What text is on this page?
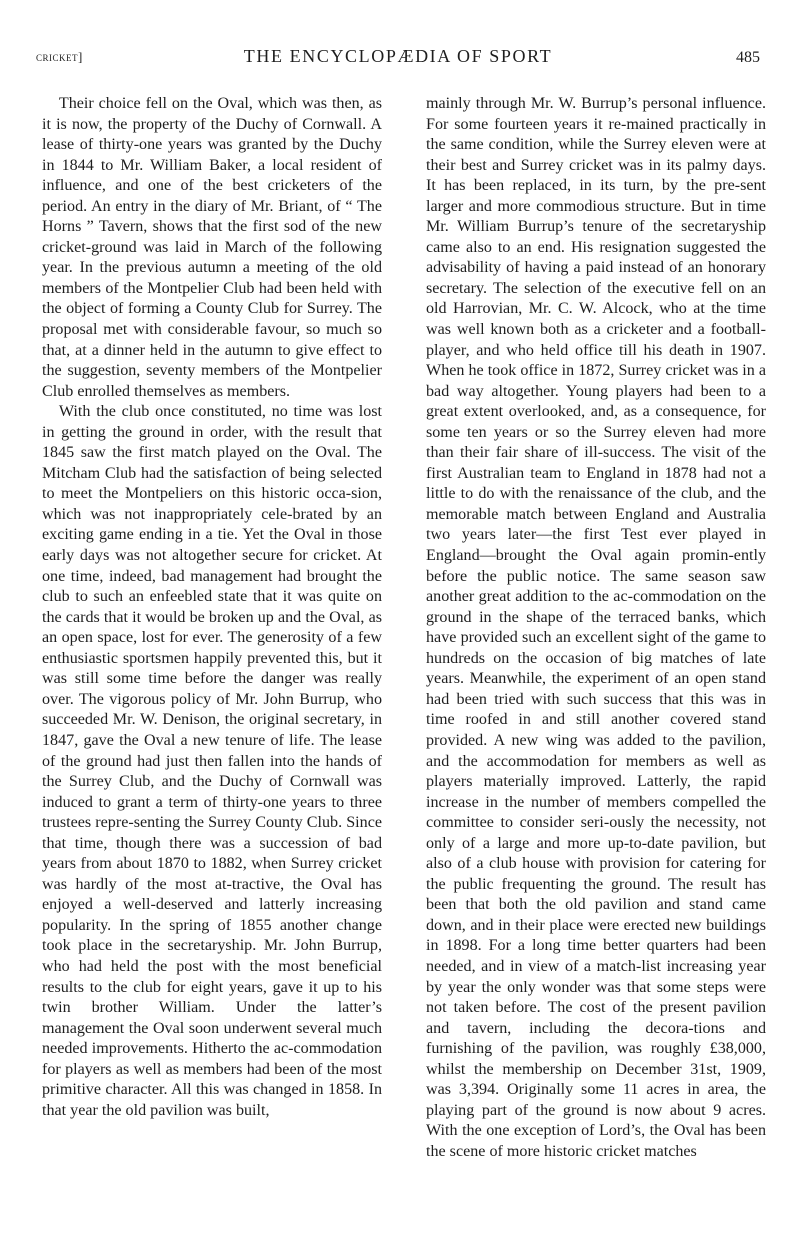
cricket]	THE ENCYCLOPÆDIA OF SPORT	485

Their choice fell on the Oval, which was then, as it is now, the property of the Duchy of Cornwall. A lease of thirty-one years was granted by the Duchy in 1844 to Mr. William Baker, a local resident of influence, and one of the best cricketers of the period. An entry in the diary of Mr. Briant, of “ The Horns ” Tavern, shows that the first sod of the new cricket-ground was laid in March of the following year. In the previous autumn a meeting of the old members of the Montpelier Club had been held with the object of forming a County Club for Surrey. The proposal met with considerable favour, so much so that, at a dinner held in the autumn to give effect to the suggestion, seventy members of the Montpelier Club enrolled themselves as members.

With the club once constituted, no time was lost in getting the ground in order, with the result that 1845 saw the first match played on the Oval. The Mitcham Club had the satisfaction of being selected to meet the Montpeliers on this historic occa-sion, which was not inappropriately cele-brated by an exciting game ending in a tie. Yet the Oval in those early days was not altogether secure for cricket. At one time, indeed, bad management had brought the club to such an enfeebled state that it was quite on the cards that it would be broken up and the Oval, as an open space, lost for ever. The generosity of a few enthusiastic sportsmen happily prevented this, but it was still some time before the danger was really over. The vigorous policy of Mr. John Burrup, who succeeded Mr. W. Denison, the original secretary, in 1847, gave the Oval a new tenure of life. The lease of the ground had just then fallen into the hands of the Surrey Club, and the Duchy of Cornwall was induced to grant a term of thirty-one years to three trustees repre-senting the Surrey County Club. Since that time, though there was a succession of bad years from about 1870 to 1882, when Surrey cricket was hardly of the most at-tractive, the Oval has enjoyed a well-deserved and latterly increasing popularity. In the spring of 1855 another change took place in the secretaryship. Mr. John Burrup, who had held the post with the most beneficial results to the club for eight years, gave it up to his twin brother William. Under the latter’s management the Oval soon underwent several much needed improvements. Hitherto the ac-commodation for players as well as members had been of the most primitive character. All this was changed in 1858. In that year the old pavilion was built,

mainly through Mr. W. Burrup’s personal influence. For some fourteen years it re-mained practically in the same condition, while the Surrey eleven were at their best and Surrey cricket was in its palmy days. It has been replaced, in its turn, by the pre-sent larger and more commodious structure. But in time Mr. William Burrup’s tenure of the secretaryship came also to an end. His resignation suggested the advisability of having a paid instead of an honorary secretary. The selection of the executive fell on an old Harrovian, Mr. C. W. Alcock, who at the time was well known both as a cricketer and a football-player, and who held office till his death in 1907. When he took office in 1872, Surrey cricket was in a bad way altogether. Young players had been to a great extent overlooked, and, as a consequence, for some ten years or so the Surrey eleven had more than their fair share of ill-success. The visit of the first Australian team to England in 1878 had not a little to do with the renaissance of the club, and the memorable match between England and Australia two years later—the first Test ever played in England—brought the Oval again promin-ently before the public notice. The same season saw another great addition to the ac-commodation on the ground in the shape of the terraced banks, which have provided such an excellent sight of the game to hundreds on the occasion of big matches of late years. Meanwhile, the experiment of an open stand had been tried with such success that this was in time roofed in and still another covered stand provided. A new wing was added to the pavilion, and the accommodation for members as well as players materially improved. Latterly, the rapid increase in the number of members compelled the committee to consider seri-ously the necessity, not only of a large and more up-to-date pavilion, but also of a club house with provision for catering for the public frequenting the ground. The result has been that both the old pavilion and stand came down, and in their place were erected new buildings in 1898. For a long time better quarters had been needed, and in view of a match-list increasing year by year the only wonder was that some steps were not taken before. The cost of the present pavilion and tavern, including the decora-tions and furnishing of the pavilion, was roughly £38,000, whilst the membership on December 31st, 1909, was 3,394. Originally some 11 acres in area, the playing part of the ground is now about 9 acres. With the one exception of Lord’s, the Oval has been the scene of more historic cricket matches
